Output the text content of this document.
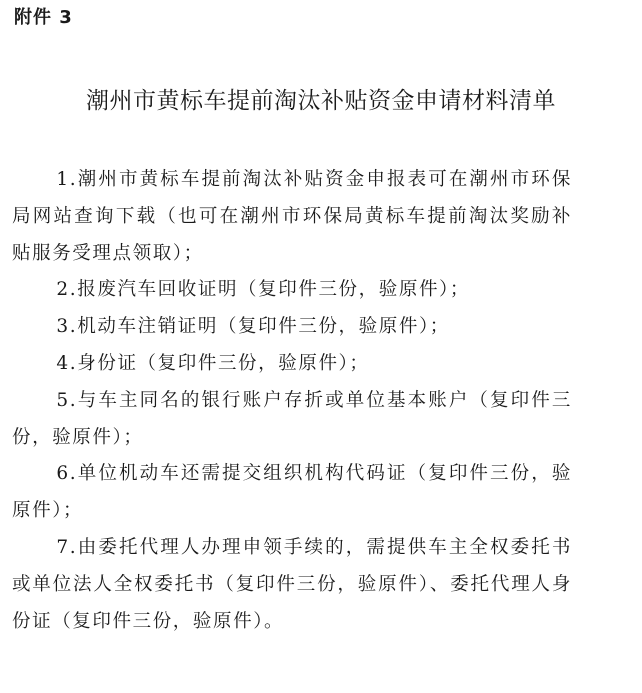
附件 3
潮州市黄标车提前淘汰补贴资金申请材料清单
1.潮州市黄标车提前淘汰补贴资金申报表可在潮州市环保局网站查询下载（也可在潮州市环保局黄标车提前淘汰奖励补贴服务受理点领取）；
2.报废汽车回收证明（复印件三份，验原件）；
3.机动车注销证明（复印件三份，验原件）；
4.身份证（复印件三份，验原件）；
5.与车主同名的银行账户存折或单位基本账户（复印件三份，验原件）；
6.单位机动车还需提交组织机构代码证（复印件三份，验原件）；
7.由委托代理人办理申领手续的，需提供车主全权委托书或单位法人全权委托书（复印件三份，验原件）、委托代理人身份证（复印件三份，验原件）。
